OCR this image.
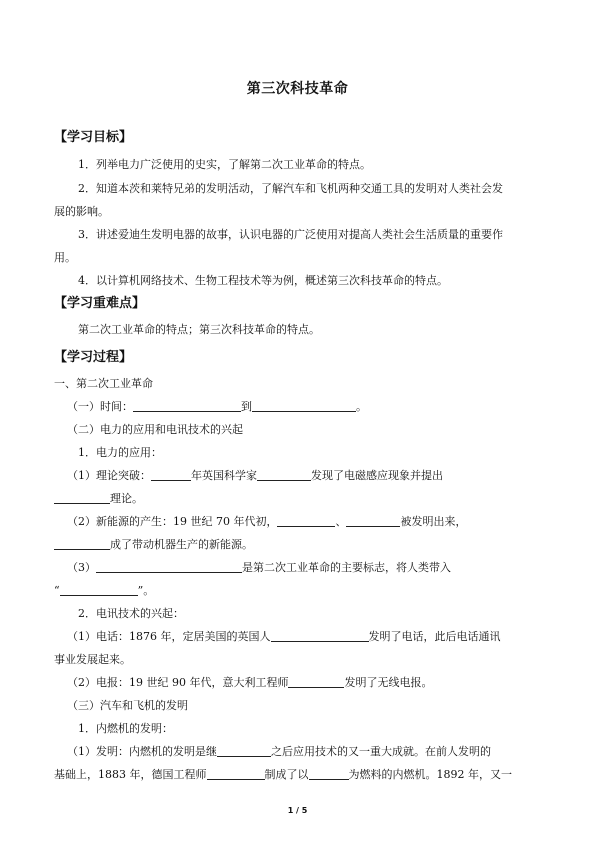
第三次科技革命
【学习目标】
1．列举电力广泛使用的史实，了解第二次工业革命的特点。
2．知道本茨和莱特兄弟的发明活动，了解汽车和飞机两种交通工具的发明对人类社会发
展的影响。
3．讲述爱迪生发明电器的故事，认识电器的广泛使用对提高人类社会生活质量的重要作
用。
4．以计算机网络技术、生物工程技术等为例，概述第三次科技革命的特点。
【学习重难点】
第二次工业革命的特点；第三次科技革命的特点。
【学习过程】
一、第二次工业革命
（一）时间：	到	。
（二）电力的应用和电讯技术的兴起
1．电力的应用：
（1）理论突破：	年英国科学家	发现了电磁感应现象并提出
理论。
（2）新能源的产生：19 世纪 70 年代初，	、	被发明出来，
成了带动机器生产的新能源。
（3）	是第二次工业革命的主要标志，将人类带入
“	”。
2．电讯技术的兴起：
（1）电话：1876 年，定居美国的英国人	发明了电话，此后电话通讯
事业发展起来。
（2）电报：19 世纪 90 年代，意大利工程师	发明了无线电报。
（三）汽车和飞机的发明
1．内燃机的发明：
（1）发明：内燃机的发明是继	之后应用技术的又一重大成就。在前人发明的
基础上，1883 年，德国工程师	制成了以	为燃料的内燃机。1892 年，又一
1 / 5
